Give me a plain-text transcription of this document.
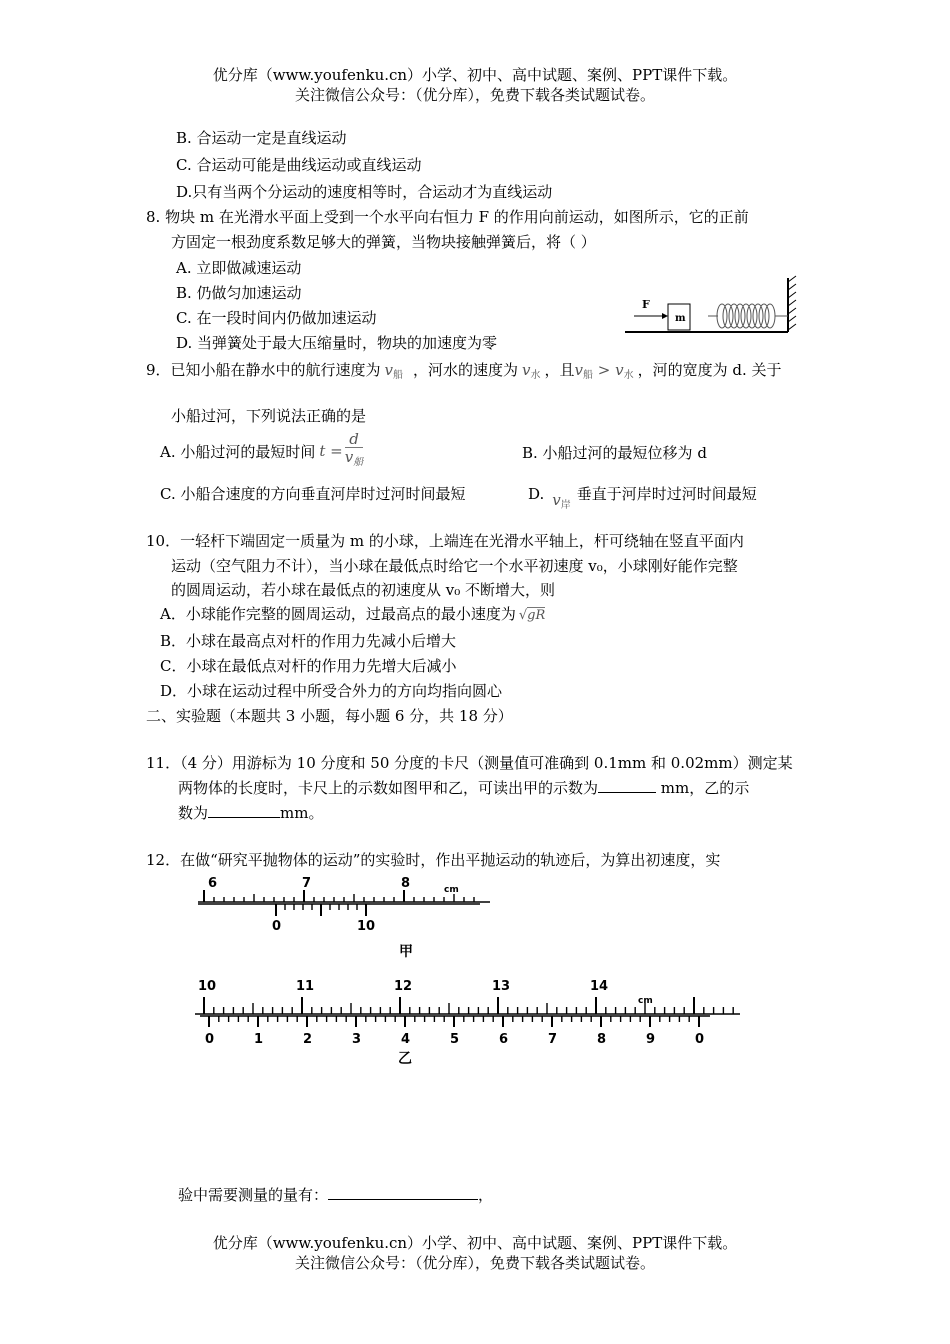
优分库（www.youfenku.cn）小学、初中、高中试题、案例、PPT课件下载。
关注微信公众号：（优分库），免费下载各类试题试卷。
B. 合运动一定是直线运动
C. 合运动可能是曲线运动或直线运动
D.只有当两个分运动的速度相等时，合运动才为直线运动
8. 物块 m 在光滑水平面上受到一个水平向右恒力 F 的作用向前运动，如图所示，它的正前
方固定一根劲度系数足够大的弹簧，当物块接触弹簧后，将（ ）
A. 立即做减速运动
B. 仍做匀加速运动
C. 在一段时间内仍做加速运动
D. 当弹簧处于最大压缩量时，物块的加速度为零
F
m
9．已知小船在静水中的航行速度为 $v_船$ ，河水的速度为 $v_水$ ，且$v_船 > v_水$ ，河的宽度为 d. 关于
小船过河，下列说法正确的是
A. 小船过河的最短时间 $t = \frac{d}{v_船}$	B. 小船过河的最短位移为 d
C. 小船合速度的方向垂直河岸时过河时间最短	D. $v_岸$垂直于河岸时过河时间最短
10．一轻杆下端固定一质量为 m 的小球，上端连在光滑水平轴上，杆可绕轴在竖直平面内
运动（空气阻力不计），当小球在最低点时给它一个水平初速度 v₀，小球刚好能作完整
的圆周运动，若小球在最低点的初速度从 v₀ 不断增大，则
A．小球能作完整的圆周运动，过最高点的最小速度为 √gR
B．小球在最高点对杆的作用力先减小后增大
C．小球在最低点对杆的作用力先增大后减小
D．小球在运动过程中所受合外力的方向均指向圆心
二、实验题（本题共 3 小题，每小题 6 分，共 18 分）
11．（4 分）用游标为 10 分度和 50 分度的卡尺（测量值可准确到 0.1mm 和 0.02mm）测定某
两物体的长度时，卡尺上的示数如图甲和乙，可读出甲的示数为	mm，乙的示
数为	mm。
12．在做“研究平抛物体的运动”的实验时，作出平抛运动的轨迹后，为算出初速度，实
6	7	8	cm
0	10
甲
10	11	12	13	14
cm
0	1	2	3	4	5	6	7	8	9	0
乙
验中需要测量的量有：	，
优分库（www.youfenku.cn）小学、初中、高中试题、案例、PPT课件下载。
关注微信公众号：（优分库），免费下载各类试题试卷。
